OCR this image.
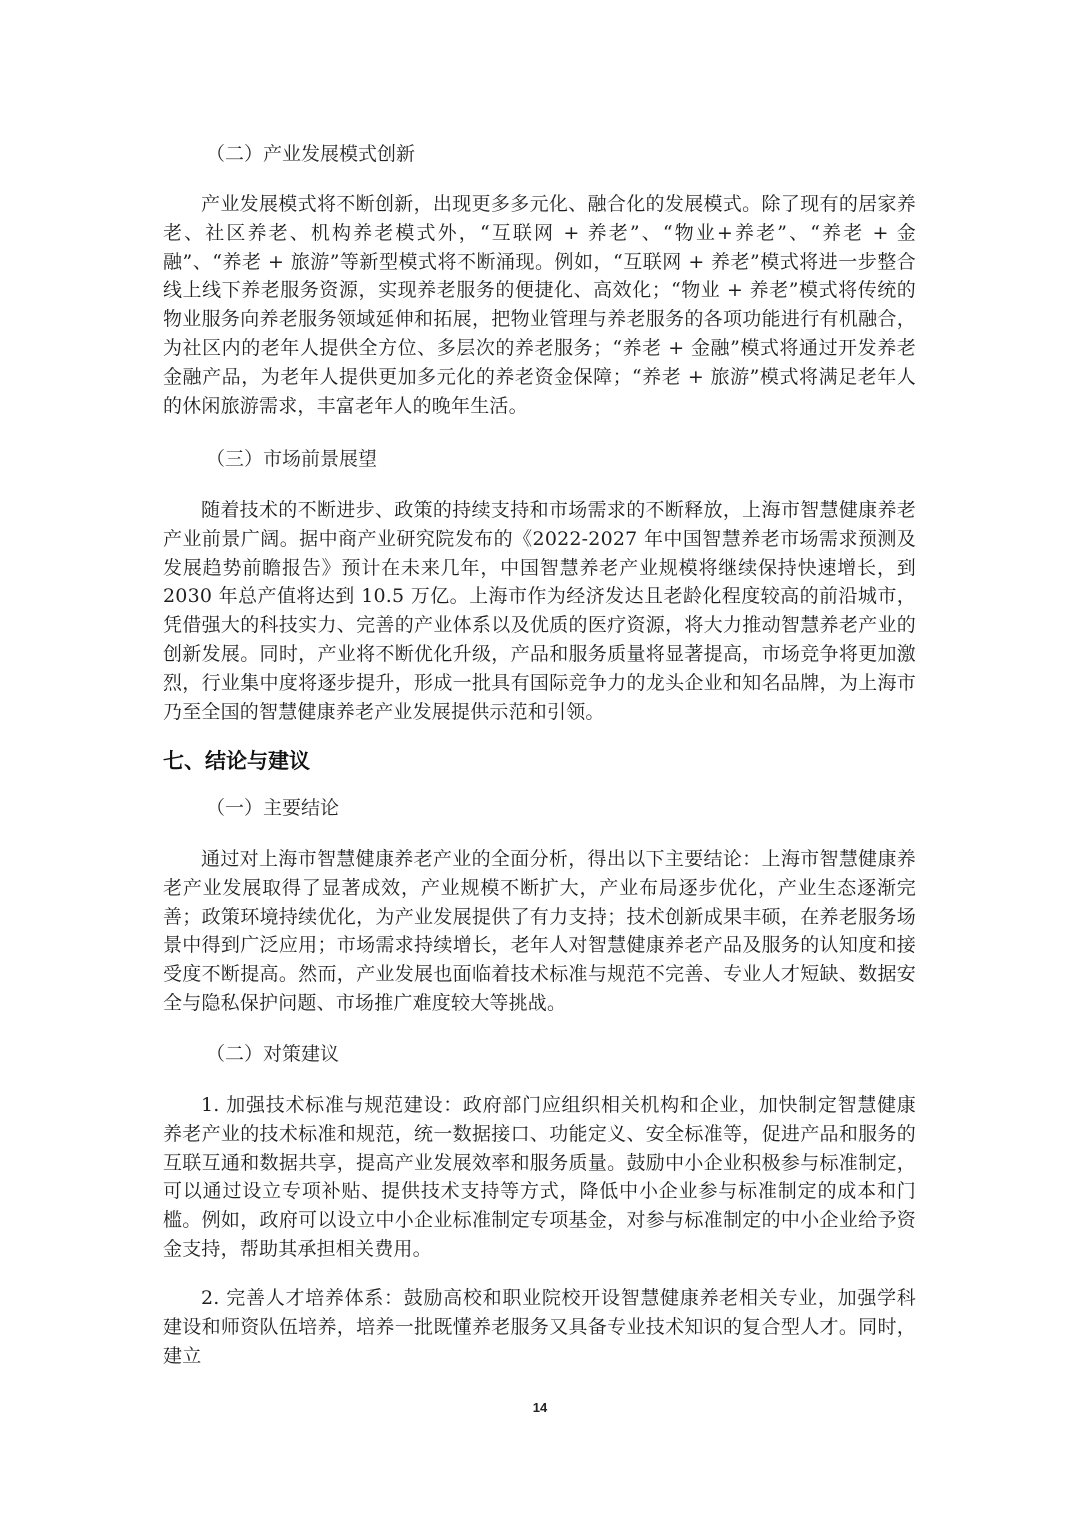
（二）产业发展模式创新

产业发展模式将不断创新，出现更多多元化、融合化的发展模式。除了现有的居家养老、社区养老、机构养老模式外，“互联网 + 养老”、“物业+养老”、“养老 + 金融”、“养老 + 旅游”等新型模式将不断涌现。例如，“互联网 + 养老”模式将进一步整合线上线下养老服务资源，实现养老服务的便捷化、高效化；“物业 + 养老”模式将传统的物业服务向养老服务领域延伸和拓展，把物业管理与养老服务的各项功能进行有机融合，为社区内的老年人提供全方位、多层次的养老服务；“养老 + 金融”模式将通过开发养老金融产品，为老年人提供更加多元化的养老资金保障；“养老 + 旅游”模式将满足老年人的休闲旅游需求，丰富老年人的晚年生活。

（三）市场前景展望

随着技术的不断进步、政策的持续支持和市场需求的不断释放，上海市智慧健康养老产业前景广阔。据中商产业研究院发布的《2022-2027 年中国智慧养老市场需求预测及发展趋势前瞻报告》预计在未来几年，中国智慧养老产业规模将继续保持快速增长，到 2030 年总产值将达到 10.5 万亿。上海市作为经济发达且老龄化程度较高的前沿城市，凭借强大的科技实力、完善的产业体系以及优质的医疗资源，将大力推动智慧养老产业的创新发展。同时，产业将不断优化升级，产品和服务质量将显著提高，市场竞争将更加激烈，行业集中度将逐步提升，形成一批具有国际竞争力的龙头企业和知名品牌，为上海市乃至全国的智慧健康养老产业发展提供示范和引领。

七、结论与建议

（一）主要结论

通过对上海市智慧健康养老产业的全面分析，得出以下主要结论：上海市智慧健康养老产业发展取得了显著成效，产业规模不断扩大，产业布局逐步优化，产业生态逐渐完善；政策环境持续优化，为产业发展提供了有力支持；技术创新成果丰硕，在养老服务场景中得到广泛应用；市场需求持续增长，老年人对智慧健康养老产品及服务的认知度和接受度不断提高。然而，产业发展也面临着技术标准与规范不完善、专业人才短缺、数据安全与隐私保护问题、市场推广难度较大等挑战。

（二）对策建议

1. 加强技术标准与规范建设：政府部门应组织相关机构和企业，加快制定智慧健康养老产业的技术标准和规范，统一数据接口、功能定义、安全标准等，促进产品和服务的互联互通和数据共享，提高产业发展效率和服务质量。鼓励中小企业积极参与标准制定，可以通过设立专项补贴、提供技术支持等方式，降低中小企业参与标准制定的成本和门槛。例如，政府可以设立中小企业标准制定专项基金，对参与标准制定的中小企业给予资金支持，帮助其承担相关费用。

2. 完善人才培养体系：鼓励高校和职业院校开设智慧健康养老相关专业，加强学科建设和师资队伍培养，培养一批既懂养老服务又具备专业技术知识的复合型人才。同时，建立

14
